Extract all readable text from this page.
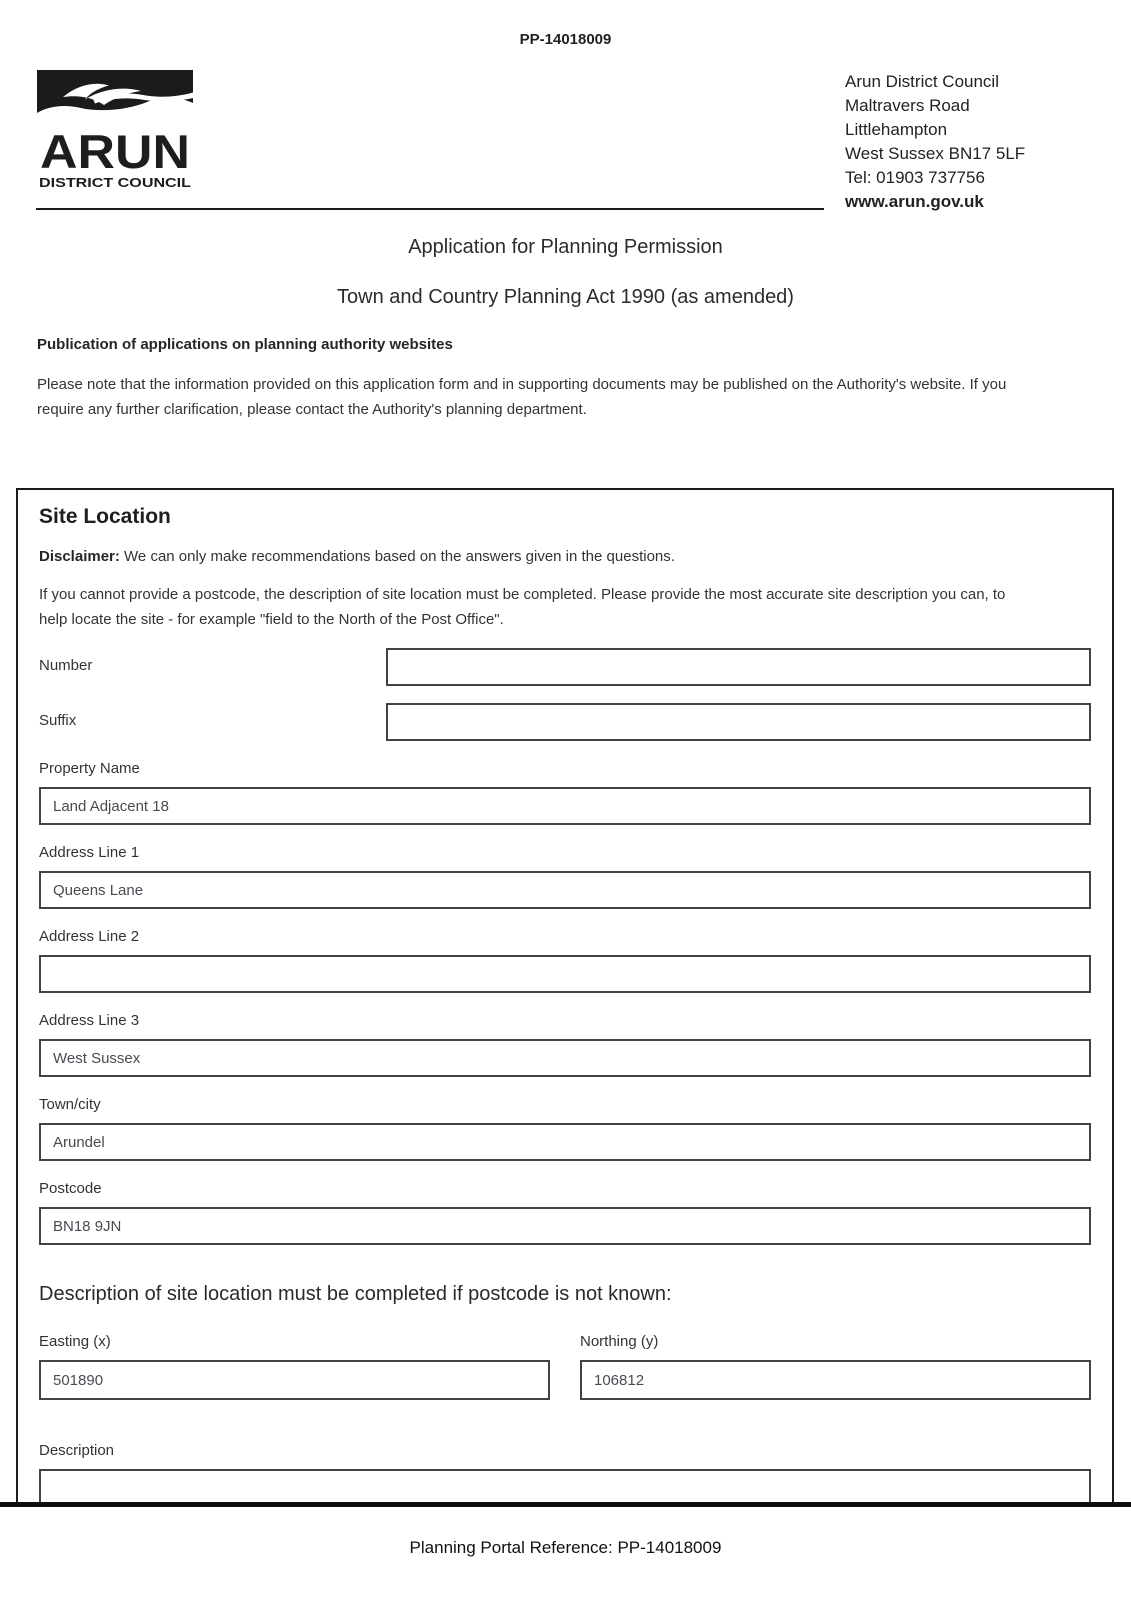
PP-14018009
ARUN
DISTRICT COUNCIL
Arun District Council
Maltravers Road
Littlehampton
West Sussex BN17 5LF
Tel: 01903 737756
www.arun.gov.uk
Application for Planning Permission
Town and Country Planning Act 1990 (as amended)
Publication of applications on planning authority websites
Please note that the information provided on this application form and in supporting documents may be published on the Authority's website. If you
require any further clarification, please contact the Authority's planning department.
Site Location

Disclaimer: We can only make recommendations based on the answers given in the questions.

If you cannot provide a postcode, the description of site location must be completed. Please provide the most accurate site description you can, to
help locate the site - for example "field to the North of the Post Office".
Number
Suffix
Property Name
Land Adjacent 18
Address Line 1
Queens Lane
Address Line 2
Address Line 3
West Sussex
Town/city
Arundel
Postcode
BN18 9JN
Description of site location must be completed if postcode is not known:
Easting (x)
501890	Northing (y)
106812
Description
Planning Portal Reference: PP-14018009
